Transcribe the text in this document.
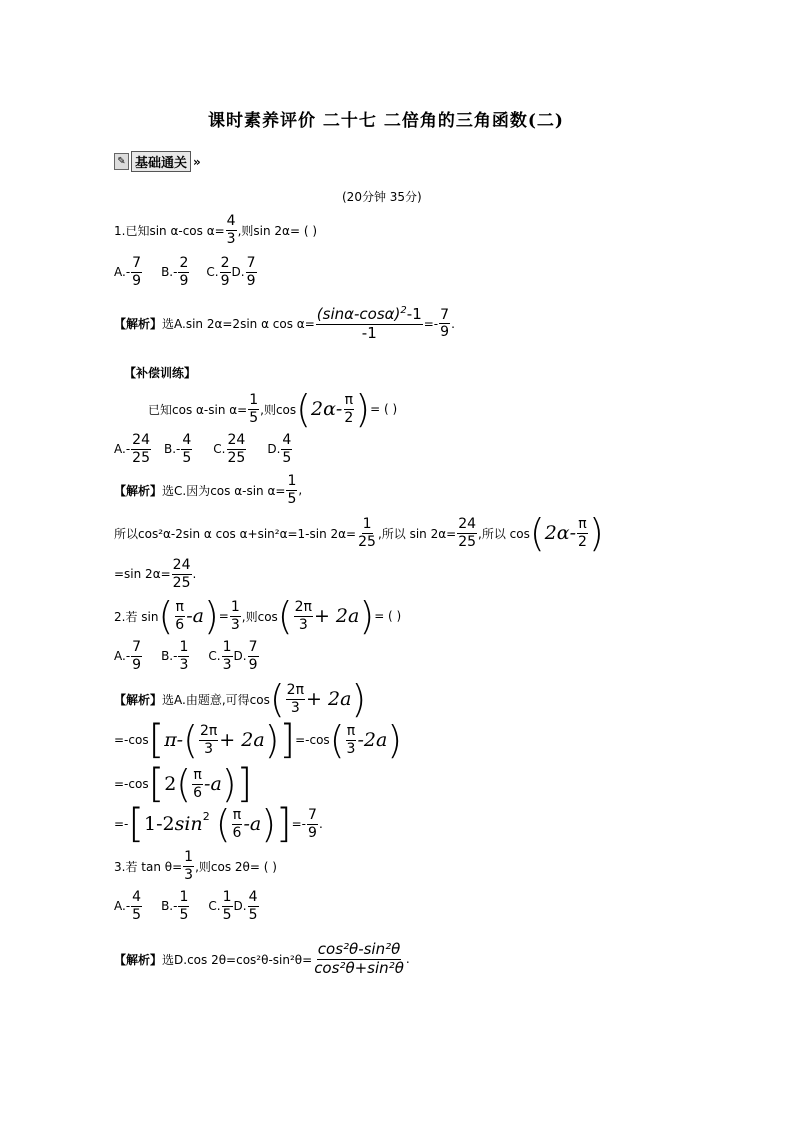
课时素养评价 二十七 二倍角的三角函数(二)
✎ 基础通关 »
(20分钟 35分)
1.已知sin α-cos $\alpha= \frac{4}{3}$ ,则sin 2α= ( )
$A.- \frac{7}{9} B.- \frac{2}{9} C$. $\frac{2}{9} D$. $\frac{7}{9}$
【解析】 选A.sin 2α=2sin α $\cos \alpha= \frac{(\sin\alpha-\cos\alpha)^2-1}{-1} =- \frac{7}{9}$ .
【补偿训练】
已知cos α-sin $\alpha= \frac{1}{5}$ ,则cos ( $2\alpha- \frac{\pi}{2}$ ) = ( )
$A.- \frac{24}{25} B.- \frac{4}{5} C$. $\frac{24}{25} D$. $\frac{4}{5}$
【解析】 选C.因为cos α-sin $\alpha= \frac{1}{5}$ ,
所以cos²α-2sin α cos α+sin²α=1-sin $2\alpha= \frac{1}{25}$ ,所以 $\sin 2\alpha= \frac{24}{25}$ ,所以 cos ( $2\alpha- \frac{\pi}{2}$ )
=sin $2\alpha= \frac{24}{25}$ .
2.若 sin ( $\frac{\pi}{6} -a$ ) = $\frac{1}{3}$ ,则cos ( $\frac{2\pi}{3} + 2a$ ) = ( )
$A.- \frac{7}{9} B.- \frac{1}{3} C$. $\frac{1}{3} D$. $\frac{7}{9}$
【解析】 选A.由题意,可得cos ( $\frac{2\pi}{3} + 2a$ )
=-cos [ π- ( $\frac{2\pi}{3} + 2a$ ) ] =-cos ( $\frac{\pi}{3} -2a$ )
=-cos [ 2 ( $\frac{\pi}{6} -a$ ) ]
=- [ 1-2 sin 2 ( $\frac{\pi}{6} -a$ ) ] =- $\frac{7}{9}$ .
3.若 $\tan \theta= \frac{1}{3}$ ,则cos 2θ= ( )
$A.- \frac{4}{5} B.- \frac{1}{5} C$. $\frac{1}{5} D$. $\frac{4}{5}$
【解析】 选D.cos $2\theta=\cos^2\theta-\sin^2\theta= \frac{\text{cos²θ-sin²θ}}{\text{cos²θ+sin²θ}}$ .
